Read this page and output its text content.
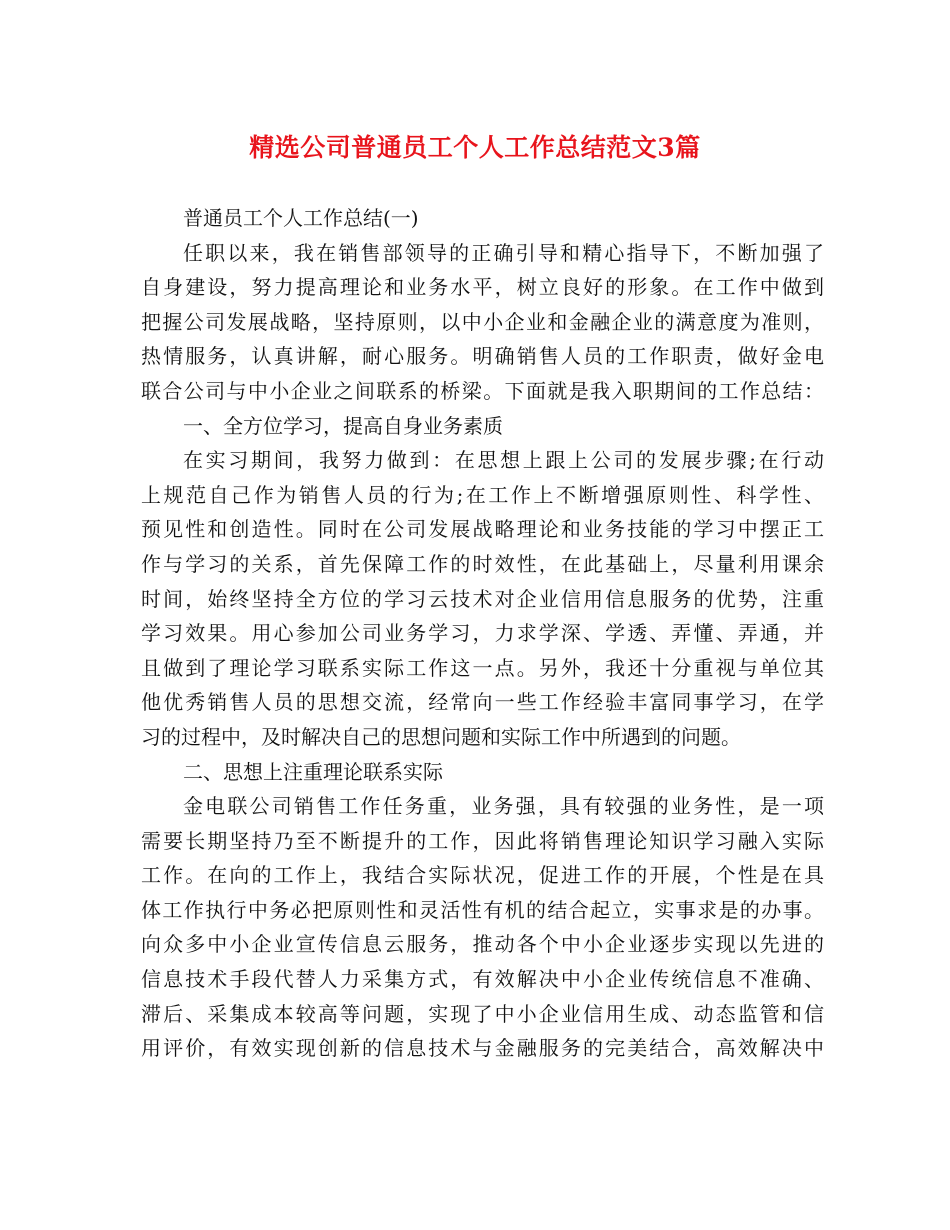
精选公司普通员工个人工作总结范文3篇
普通员工个人工作总结(一)
任职以来，我在销售部领导的正确引导和精心指导下，不断加强了
自身建设，努力提高理论和业务水平，树立良好的形象。在工作中做到
把握公司发展战略，坚持原则，以中小企业和金融企业的满意度为准则，
热情服务，认真讲解，耐心服务。明确销售人员的工作职责，做好金电
联合公司与中小企业之间联系的桥梁。下面就是我入职期间的工作总结：
一、全方位学习，提高自身业务素质
在实习期间，我努力做到：在思想上跟上公司的发展步骤;在行动
上规范自己作为销售人员的行为;在工作上不断增强原则性、科学性、
预见性和创造性。同时在公司发展战略理论和业务技能的学习中摆正工
作与学习的关系，首先保障工作的时效性，在此基础上，尽量利用课余
时间，始终坚持全方位的学习云技术对企业信用信息服务的优势，注重
学习效果。用心参加公司业务学习，力求学深、学透、弄懂、弄通，并
且做到了理论学习联系实际工作这一点。另外，我还十分重视与单位其
他优秀销售人员的思想交流，经常向一些工作经验丰富同事学习，在学
习的过程中，及时解决自己的思想问题和实际工作中所遇到的问题。
二、思想上注重理论联系实际
金电联公司销售工作任务重，业务强，具有较强的业务性，是一项
需要长期坚持乃至不断提升的工作，因此将销售理论知识学习融入实际
工作。在向的工作上，我结合实际状况，促进工作的开展，个性是在具
体工作执行中务必把原则性和灵活性有机的结合起立，实事求是的办事。
向众多中小企业宣传信息云服务，推动各个中小企业逐步实现以先进的
信息技术手段代替人力采集方式，有效解决中小企业传统信息不准确、
滞后、采集成本较高等问题，实现了中小企业信用生成、动态监管和信
用评价，有效实现创新的信息技术与金融服务的完美结合，高效解决中
